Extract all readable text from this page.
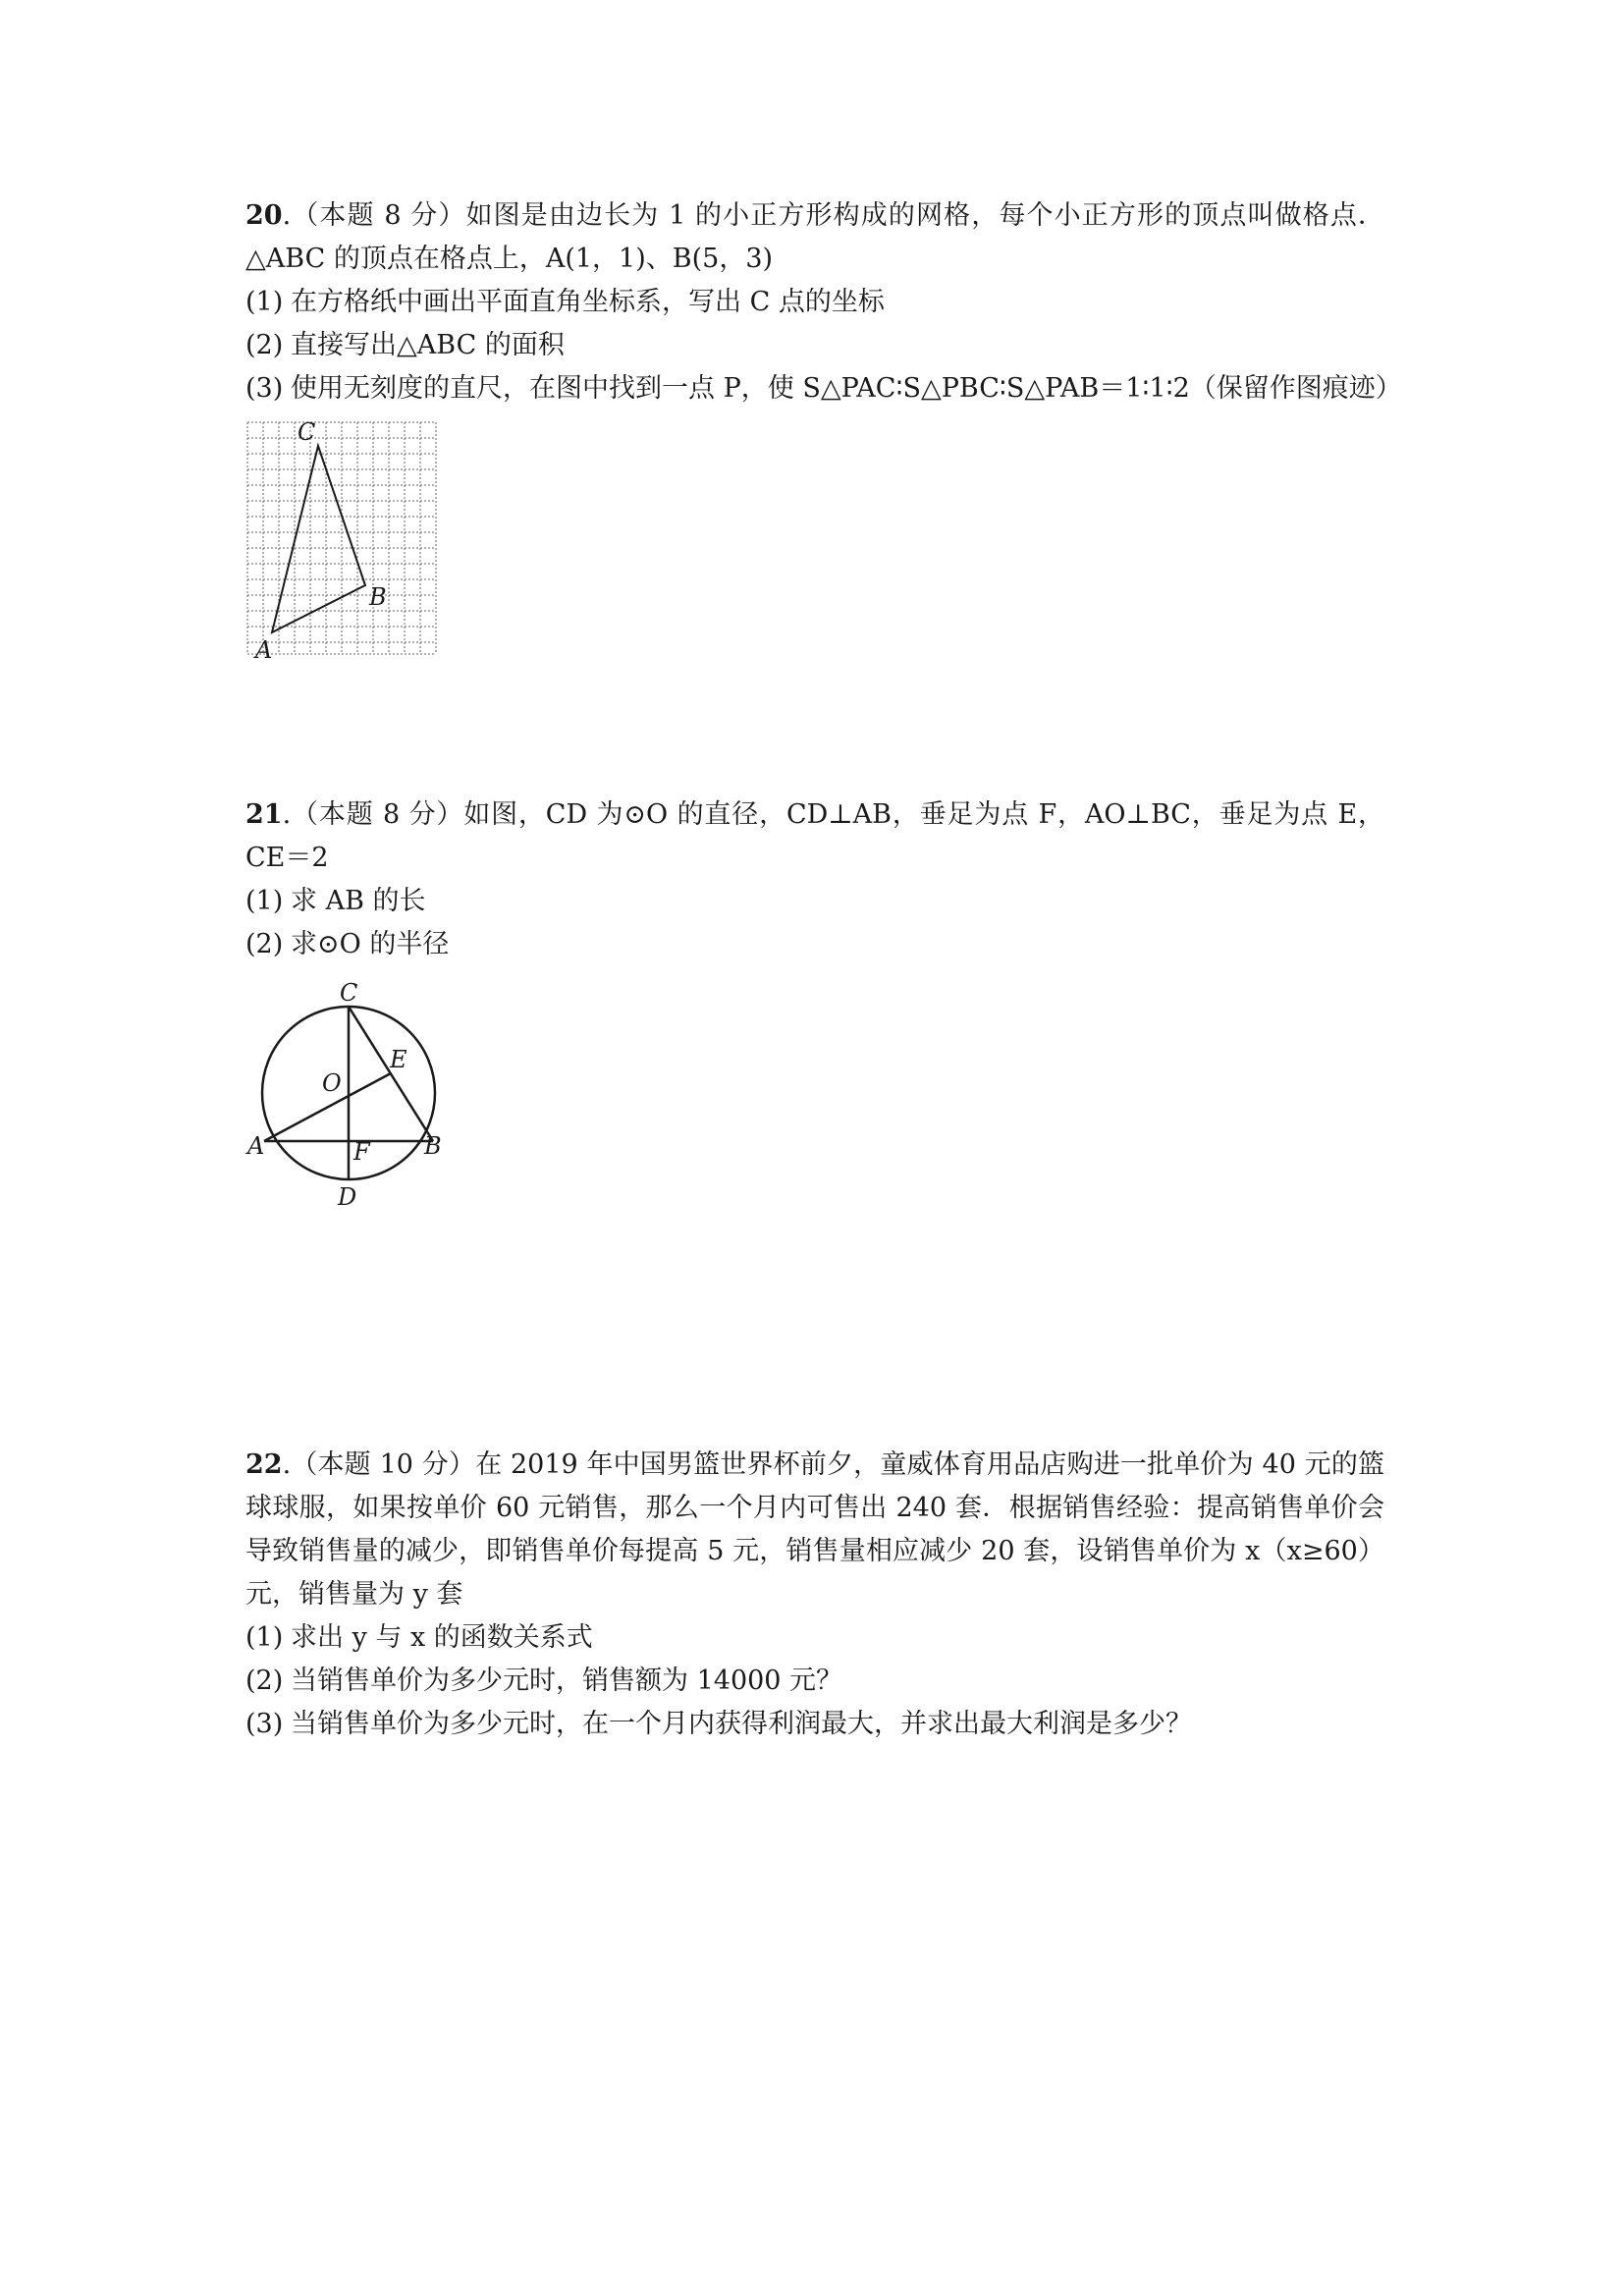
20.（本题 8 分）如图是由边长为 1 的小正方形构成的网格，每个小正方形的顶点叫做格点．△ABC 的顶点在格点上，A(1，1)、B(5，3)

(1) 在方格纸中画出平面直角坐标系，写出 C 点的坐标
(2) 直接写出△ABC 的面积
(3) 使用无刻度的直尺，在图中找到一点 P，使 S△PAC∶S△PBC∶S△PAB＝1∶1∶2（保留作图痕迹）
C
B
A

21.（本题 8 分）如图，CD 为⊙O 的直径，CD⊥AB，垂足为点 F，AO⊥BC，垂足为点 E，CE＝2

(1) 求 AB 的长
(2) 求⊙O 的半径
C
E
O
A	F B
D

22.（本题 10 分）在 2019 年中国男篮世界杯前夕，童威体育用品店购进一批单价为 40 元的篮球球服，如果按单价 60 元销售，那么一个月内可售出 240 套．根据销售经验：提高销售单价会导致销售量的减少，即销售单价每提高 5 元，销售量相应减少 20 套，设销售单价为 x（x≥60）元，销售量为 y 套

(1) 求出 y 与 x 的函数关系式
(2) 当销售单价为多少元时，销售额为 14000 元？
(3) 当销售单价为多少元时，在一个月内获得利润最大，并求出最大利润是多少？
